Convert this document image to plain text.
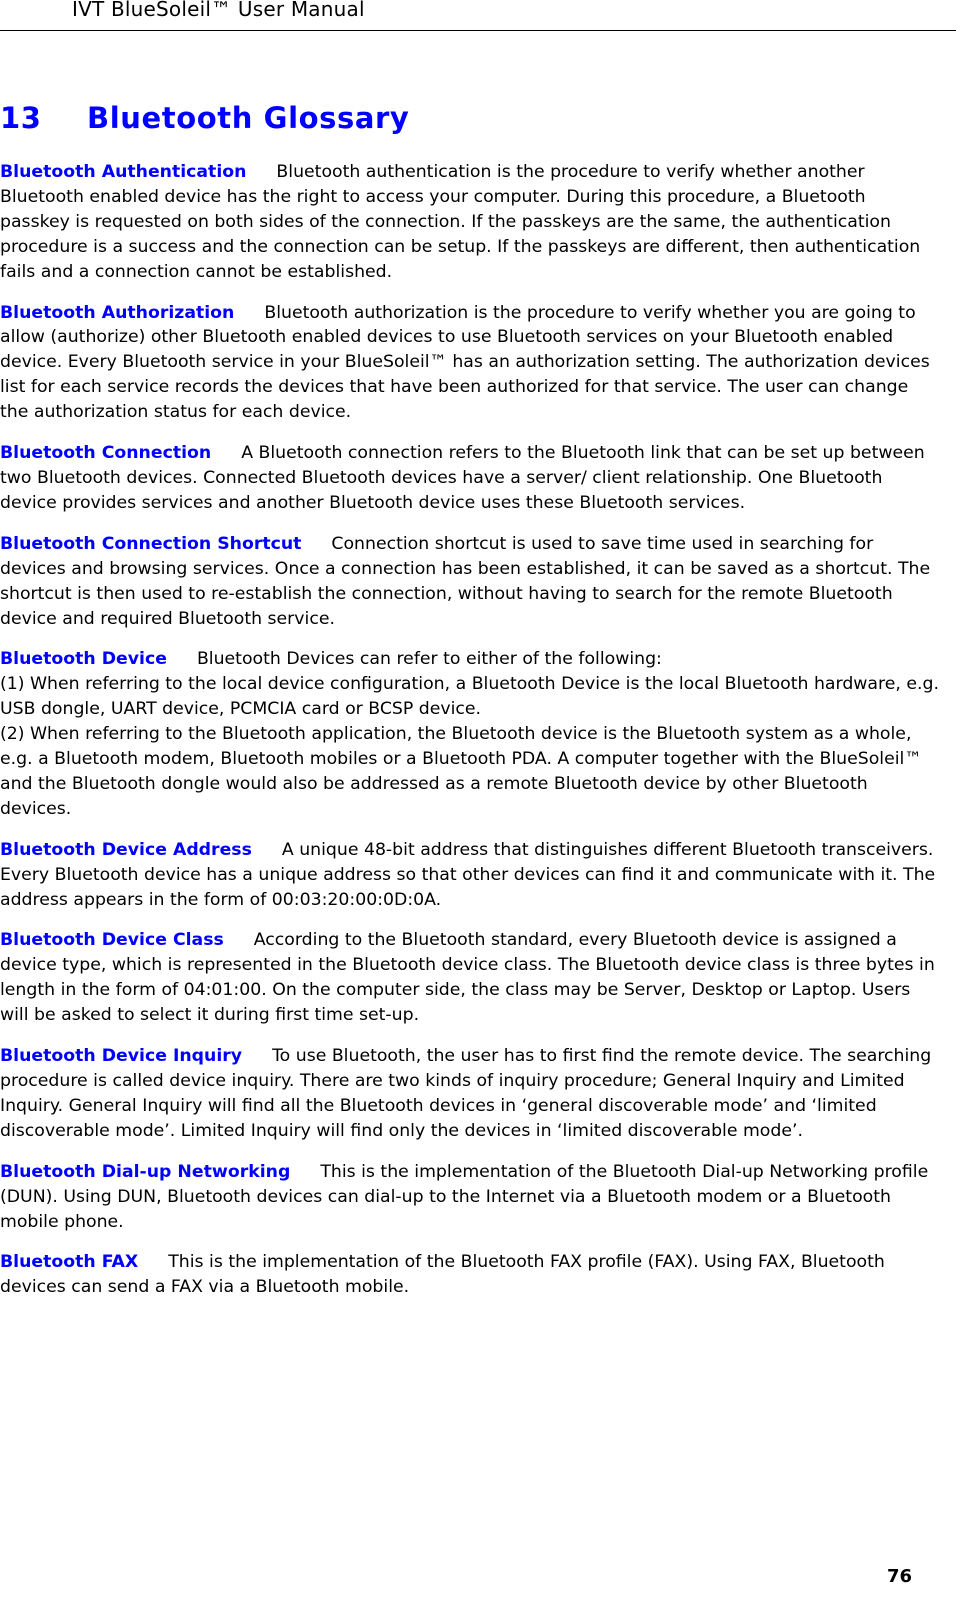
IVT BlueSoleil™ User Manual
13 Bluetooth Glossary

Bluetooth Authentication Bluetooth authentication is the procedure to verify whether another Bluetooth enabled device has the right to access your computer. During this procedure, a Bluetooth passkey is requested on both sides of the connection. If the passkeys are the same, the authentication procedure is a success and the connection can be setup. If the passkeys are different, then authentication fails and a connection cannot be established.

Bluetooth Authorization Bluetooth authorization is the procedure to verify whether you are going to allow (authorize) other Bluetooth enabled devices to use Bluetooth services on your Bluetooth enabled device. Every Bluetooth service in your BlueSoleil™ has an authorization setting. The authorization devices list for each service records the devices that have been authorized for that service. The user can change the authorization status for each device.

Bluetooth Connection A Bluetooth connection refers to the Bluetooth link that can be set up between two Bluetooth devices. Connected Bluetooth devices have a server/ client relationship. One Bluetooth device provides services and another Bluetooth device uses these Bluetooth services.

Bluetooth Connection Shortcut Connection shortcut is used to save time used in searching for devices and browsing services. Once a connection has been established, it can be saved as a shortcut. The shortcut is then used to re-establish the connection, without having to search for the remote Bluetooth device and required Bluetooth service.

Bluetooth Device Bluetooth Devices can refer to either of the following:
(1) When referring to the local device configuration, a Bluetooth Device is the local Bluetooth hardware, e.g. USB dongle, UART device, PCMCIA card or BCSP device.
(2) When referring to the Bluetooth application, the Bluetooth device is the Bluetooth system as a whole, e.g. a Bluetooth modem, Bluetooth mobiles or a Bluetooth PDA. A computer together with the BlueSoleil™ and the Bluetooth dongle would also be addressed as a remote Bluetooth device by other Bluetooth devices.

Bluetooth Device Address A unique 48-bit address that distinguishes different Bluetooth transceivers. Every Bluetooth device has a unique address so that other devices can find it and communicate with it. The address appears in the form of 00:03:20:00:0D:0A.

Bluetooth Device Class According to the Bluetooth standard, every Bluetooth device is assigned a device type, which is represented in the Bluetooth device class. The Bluetooth device class is three bytes in length in the form of 04:01:00. On the computer side, the class may be Server, Desktop or Laptop. Users will be asked to select it during first time set-up.

Bluetooth Device Inquiry To use Bluetooth, the user has to first find the remote device. The searching procedure is called device inquiry. There are two kinds of inquiry procedure; General Inquiry and Limited Inquiry. General Inquiry will find all the Bluetooth devices in ‘general discoverable mode’ and ‘limited discoverable mode’. Limited Inquiry will find only the devices in ‘limited discoverable mode’.

Bluetooth Dial-up Networking This is the implementation of the Bluetooth Dial-up Networking profile (DUN). Using DUN, Bluetooth devices can dial-up to the Internet via a Bluetooth modem or a Bluetooth mobile phone.

Bluetooth FAX This is the implementation of the Bluetooth FAX profile (FAX). Using FAX, Bluetooth devices can send a FAX via a Bluetooth mobile.

76
